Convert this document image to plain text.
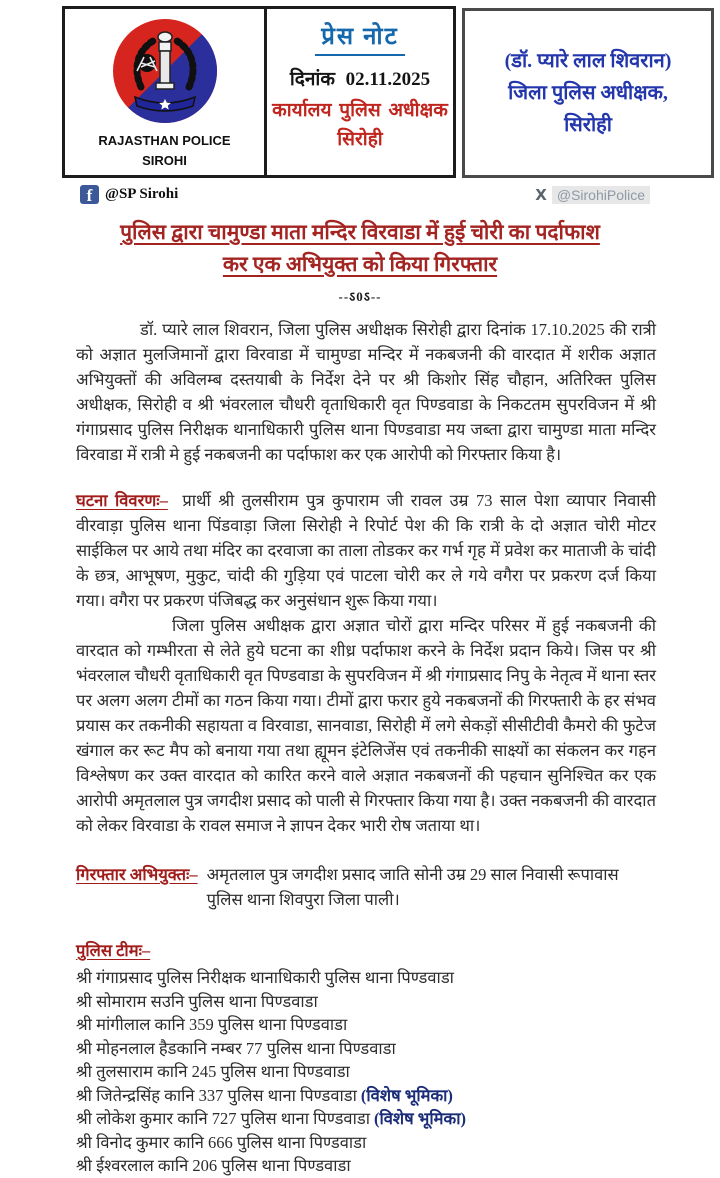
RAJASTHAN POLICE
SIROHI
प्रेस नोट
दिनांक 02.11.2025
कार्यालय पुलिस अधीक्षक
सिरोही
(डॉ. प्यारे लाल शिवरान)
जिला पुलिस अधीक्षक,
सिरोही
f @SP Sirohi	X @SirohiPolice
पुलिस द्वारा चामुण्डा माता मन्दिर विरवाडा में हुई चोरी का पर्दाफाश
कर एक अभियुक्त को किया गिरफ्तार
--ऽ0ऽ--

डॉ. प्यारे लाल शिवरान, जिला पुलिस अधीक्षक सिरोही द्वारा दिनांक 17.10.2025 की रात्री को अज्ञात मुलजिमानों द्वारा विरवाडा में चामुण्डा मन्दिर में नकबजनी की वारदात में शरीक अज्ञात अभियुक्तों की अविलम्ब दस्तयाबी के निर्देश देने पर श्री किशोर सिंह चौहान, अतिरिक्त पुलिस अधीक्षक, सिरोही व श्री भंवरलाल चौधरी वृताधिकारी वृत पिण्डवाडा के निकटतम सुपरविजन में श्री गंगाप्रसाद पुलिस निरीक्षक थानाधिकारी पुलिस थाना पिण्डवाडा मय जब्ता द्वारा चामुण्डा माता मन्दिर विरवाडा में रात्री मे हुई नकबजनी का पर्दाफाश कर एक आरोपी को गिरफ्तार किया है।

घटना विवरणः– प्रार्थी श्री तुलसीराम पुत्र कुपाराम जी रावल उम्र 73 साल पेशा व्यापार निवासी वीरवाड़ा पुलिस थाना पिंडवाड़ा जिला सिरोही ने रिपोर्ट पेश की कि रात्री के दो अज्ञात चोरी मोटर साईकिल पर आये तथा मंदिर का दरवाजा का ताला तोडकर कर गर्भ गृह में प्रवेश कर माताजी के चांदी के छत्र, आभूषण, मुकुट, चांदी की गुड़िया एवं पाटला चोरी कर ले गये वगैरा पर प्रकरण दर्ज किया गया। वगैरा पर प्रकरण पंजिबद्ध कर अनुसंधान शुरू किया गया।

जिला पुलिस अधीक्षक द्वारा अज्ञात चोरों द्वारा मन्दिर परिसर में हुई नकबजनी की वारदात को गम्भीरता से लेते हुये घटना का शीध्र पर्दाफाश करने के निर्देश प्रदान किये। जिस पर श्री भंवरलाल चौधरी वृताधिकारी वृत पिण्डवाडा के सुपरविजन में श्री गंगाप्रसाद निपु के नेतृत्व में थाना स्तर पर अलग अलग टीमों का गठन किया गया। टीमों द्वारा फरार हुये नकबजनों की गिरफ्तारी के हर संभव प्रयास कर तकनीकी सहायता व विरवाडा, सानवाडा, सिरोही में लगे सेकड़ों सीसीटीवी कैमरो की फुटेज खंगाल कर रूट मैप को बनाया गया तथा ह्यूमन इंटेलिजेंस एवं तकनीकी साक्ष्यों का संकलन कर गहन विश्लेषण कर उक्त वारदात को कारित करने वाले अज्ञात नकबजनों की पहचान सुनिश्चित कर एक आरोपी अमृतलाल पुत्र जगदीश प्रसाद को पाली से गिरफ्तार किया गया है। उक्त नकबजनी की वारदात को लेकर विरवाडा के रावल समाज ने ज्ञापन देकर भारी रोष जताया था।

गिरफ्तार अभियुक्तः– अमृतलाल पुत्र जगदीश प्रसाद जाति सोनी उम्र 29 साल निवासी रूपावास पुलिस थाना शिवपुरा जिला पाली।
पुलिस टीमः–
श्री गंगाप्रसाद पुलिस निरीक्षक थानाधिकारी पुलिस थाना पिण्डवाडा
श्री सोमाराम सउनि पुलिस थाना पिण्डवाडा
श्री मांगीलाल कानि 359 पुलिस थाना पिण्डवाडा
श्री मोहनलाल हैडकानि नम्बर 77 पुलिस थाना पिण्डवाडा
श्री तुलसाराम कानि 245 पुलिस थाना पिण्डवाडा
श्री जितेन्द्रसिंह कानि 337 पुलिस थाना पिण्डवाडा (विशेष भूमिका)
श्री लोकेश कुमार कानि 727 पुलिस थाना पिण्डवाडा (विशेष भूमिका)
श्री विनोद कुमार कानि 666 पुलिस थाना पिण्डवाडा
श्री ईश्वरलाल कानि 206 पुलिस थाना पिण्डवाडा
